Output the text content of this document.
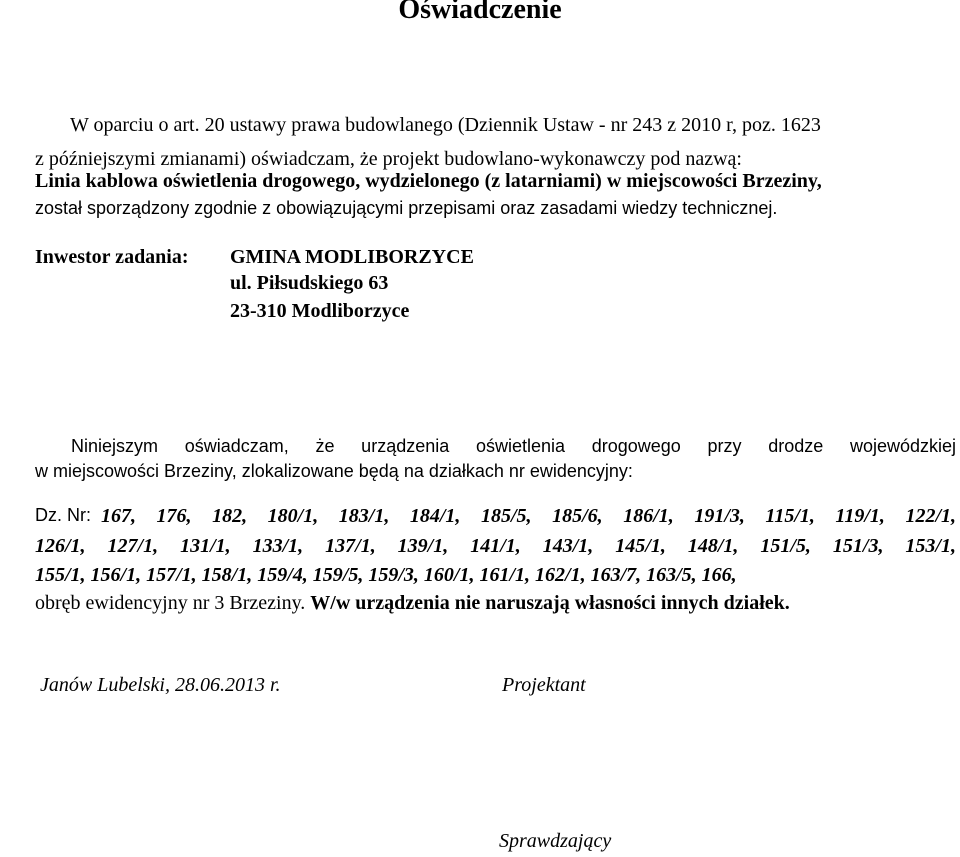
Oświadczenie
W oparciu o art. 20 ustawy prawa budowlanego (Dziennik Ustaw - nr 243 z 2010 r, poz. 1623
z późniejszymi zmianami) oświadczam, że projekt budowlano-wykonawczy pod nazwą:
Linia kablowa oświetlenia drogowego, wydzielonego (z latarniami) w miejscowości Brzeziny,
został sporządzony zgodnie z obowiązującymi przepisami oraz zasadami wiedzy technicznej.
Inwestor zadania: GMINA MODLIBORZYCE
ul. Piłsudskiego 63
23-310 Modliborzyce
Niniejszym oświadczam, że urządzenia oświetlenia drogowego przy drodze wojewódzkiej
w miejscowości Brzeziny, zlokalizowane będą na działkach nr ewidencyjny:
Dz. Nr: 167, 176, 182, 180/1, 183/1, 184/1, 185/5, 185/6, 186/1, 191/3, 115/1, 119/1, 122/1,
126/1, 127/1, 131/1, 133/1, 137/1, 139/1, 141/1, 143/1, 145/1, 148/1, 151/5, 151/3, 153/1,
155/1, 156/1, 157/1, 158/1, 159/4, 159/5, 159/3, 160/1, 161/1, 162/1, 163/7, 163/5, 166,
obręb ewidencyjny nr 3 Brzeziny. W/w urządzenia nie naruszają własności innych działek.
Janów Lubelski, 28.06.2013 r.	Projektant
Sprawdzający
